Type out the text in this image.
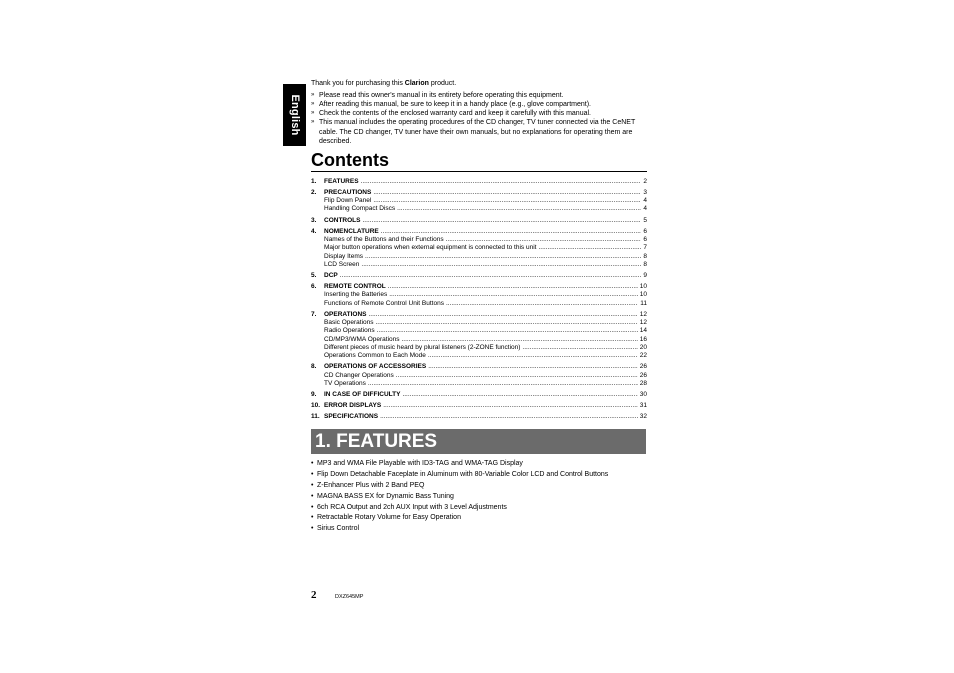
English

Thank you for purchasing this Clarion product.

» Please read this owner's manual in its entirety before operating this equipment.
» After reading this manual, be sure to keep it in a handy place (e.g., glove compartment).
» Check the contents of the enclosed warranty card and keep it carefully with this manual.
» This manual includes the operating procedures of the CD changer, TV tuner connected via the CeNET cable. The CD changer, TV tuner have their own manuals, but no explanations for operating them are described.
Contents
1.	FEATURES .....	2
2.	PRECAUTIONS .....	3
Flip Down Panel .....	4
Handling Compact Discs .....	4
3.	CONTROLS .....	5
4.	NOMENCLATURE .....	6
Names of the Buttons and their Functions .....	6
Major button operations when external equipment is connected to this unit .....	7
Display Items .....	8
LCD Screen .....	8
5.	DCP .....	9
6.	REMOTE CONTROL .....	10
Inserting the Batteries .....	10
Functions of Remote Control Unit Buttons .....	11
7.	OPERATIONS .....	12
Basic Operations .....	12
Radio Operations .....	14
CD/MP3/WMA Operations .....	16
Different pieces of music heard by plural listeners (2-ZONE function) .....	20
Operations Common to Each Mode .....	22
8.	OPERATIONS OF ACCESSORIES .....	26
CD Changer Operations .....	26
TV Operations .....	28
9.	IN CASE OF DIFFICULTY .....	30
10. ERROR DISPLAYS .....	31
11. SPECIFICATIONS .....	32
1. FEATURES
• MP3 and WMA File Playable with ID3-TAG and WMA-TAG Display
• Flip Down Detachable Faceplate in Aluminum with 80-Variable Color LCD and Control Buttons
• Z-Enhancer Plus with 2 Band PEQ
• MAGNA BASS EX for Dynamic Bass Tuning
• 6ch RCA Output and 2ch AUX Input with 3 Level Adjustments
• Retractable Rotary Volume for Easy Operation
• Sirius Control
2	DXZ645MP
